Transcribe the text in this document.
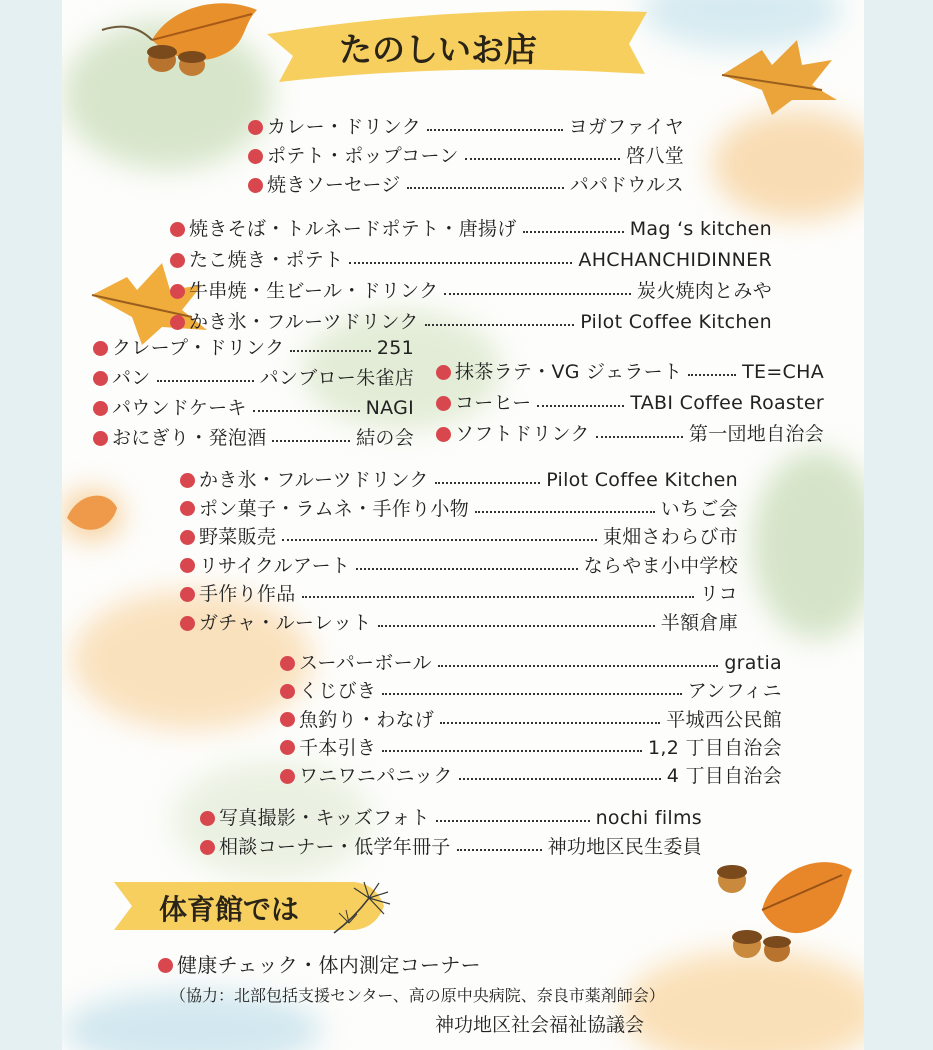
たのしいお店
体育館では
健康チェック・体内測定コーナー
（協力：北部包括支援センター、高の原中央病院、奈良市薬剤師会）
神功地区社会福祉協議会
カレー・ドリンク	ヨガファイヤ
ポテト・ポップコーン	啓八堂
焼きソーセージ	パパドウルス
焼きそば・トルネードポテト・唐揚げ	Mag ‘s kitchen
たこ焼き・ポテト	AHCHANCHIDINNER
牛串焼・生ビール・ドリンク	炭火焼肉とみや
かき氷・フルーツドリンク	Pilot Coffee Kitchen
クレープ・ドリンク	251
パン	パンブロー朱雀店
パウンドケーキ	NAGI
おにぎり・発泡酒	結の会
抹茶ラテ・VG ジェラート	TE=CHA
コーヒー	TABI Coffee Roaster
ソフトドリンク	第一団地自治会
かき氷・フルーツドリンク	Pilot Coffee Kitchen
ポン菓子・ラムネ・手作り小物	いちご会
野菜販売	東畑さわらび市
リサイクルアート	ならやま小中学校
手作り作品	リコ
ガチャ・ルーレット	半額倉庫
スーパーボール	gratia
くじびき	アンフィニ
魚釣り・わなげ	平城西公民館
千本引き	1,2 丁目自治会
ワニワニパニック	4 丁目自治会
写真撮影・キッズフォト	nochi films
相談コーナー・低学年冊子	神功地区民生委員
